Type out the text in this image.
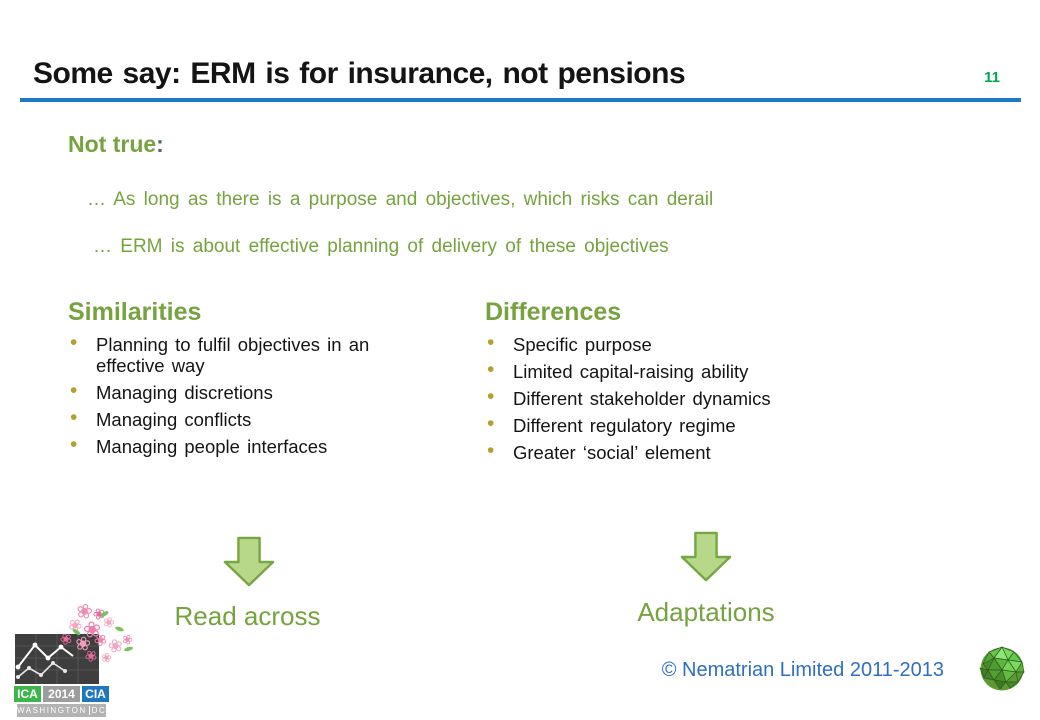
Some say: ERM is for insurance, not pensions	11
Not true:
… As long as there is a purpose and objectives, which risks can derail
… ERM is about effective planning of delivery of these objectives
Similarities
• Planning to fulfil objectives in an effective way
• Managing discretions
• Managing conflicts
• Managing people interfaces
Differences
• Specific purpose
• Limited capital-raising ability
• Different stakeholder dynamics
• Different regulatory regime
• Greater ‘social’ element
Read across	Adaptations
© Nematrian Limited 2011-2013
❀
❀
❀
❀
❀
❀
❀
❀
❀
❀
❀
❀
ICA 2014 CIA
WASHINGTON DC
